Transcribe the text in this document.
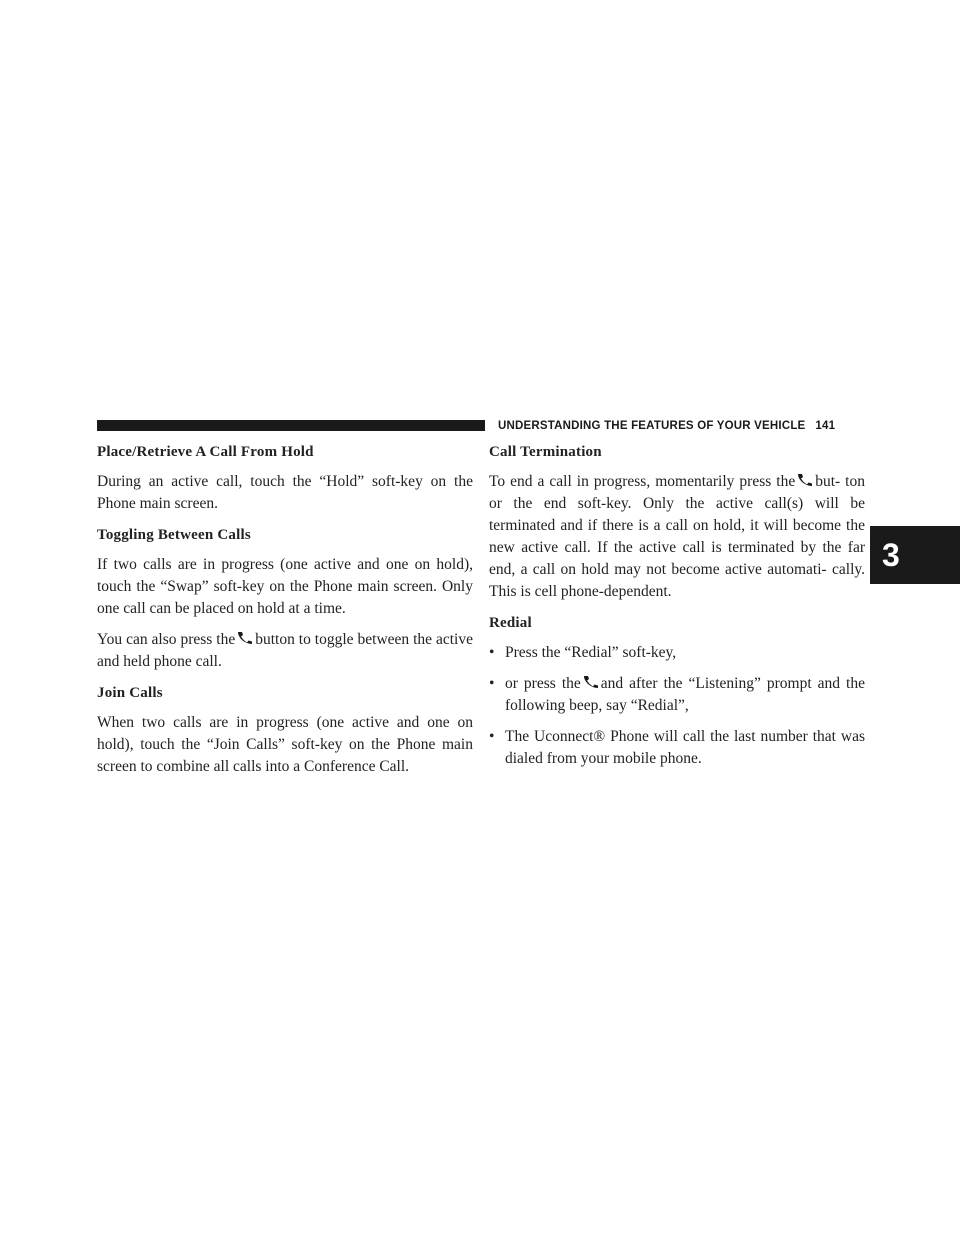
UNDERSTANDING THE FEATURES OF YOUR VEHICLE 141
3
Place/Retrieve A Call From Hold

During an active call, touch the “Hold” soft-key on the Phone main screen.

Toggling Between Calls

If two calls are in progress (one active and one on hold), touch the “Swap” soft-key on the Phone main screen. Only one call can be placed on hold at a time.

You can also press the button to toggle between the active and held phone call.

Join Calls

When two calls are in progress (one active and one on hold), touch the “Join Calls” soft-key on the Phone main screen to combine all calls into a Conference Call.

Call Termination

To end a call in progress, momentarily press the but- ton or the end soft-key. Only the active call(s) will be terminated and if there is a call on hold, it will become the new active call. If the active call is terminated by the far end, a call on hold may not become active automati- cally. This is cell phone-dependent.

Redial
• Press the “Redial” soft-key,
• or press the and after the “Listening” prompt and the following beep, say “Redial”,
• The Uconnect® Phone will call the last number that was dialed from your mobile phone.
